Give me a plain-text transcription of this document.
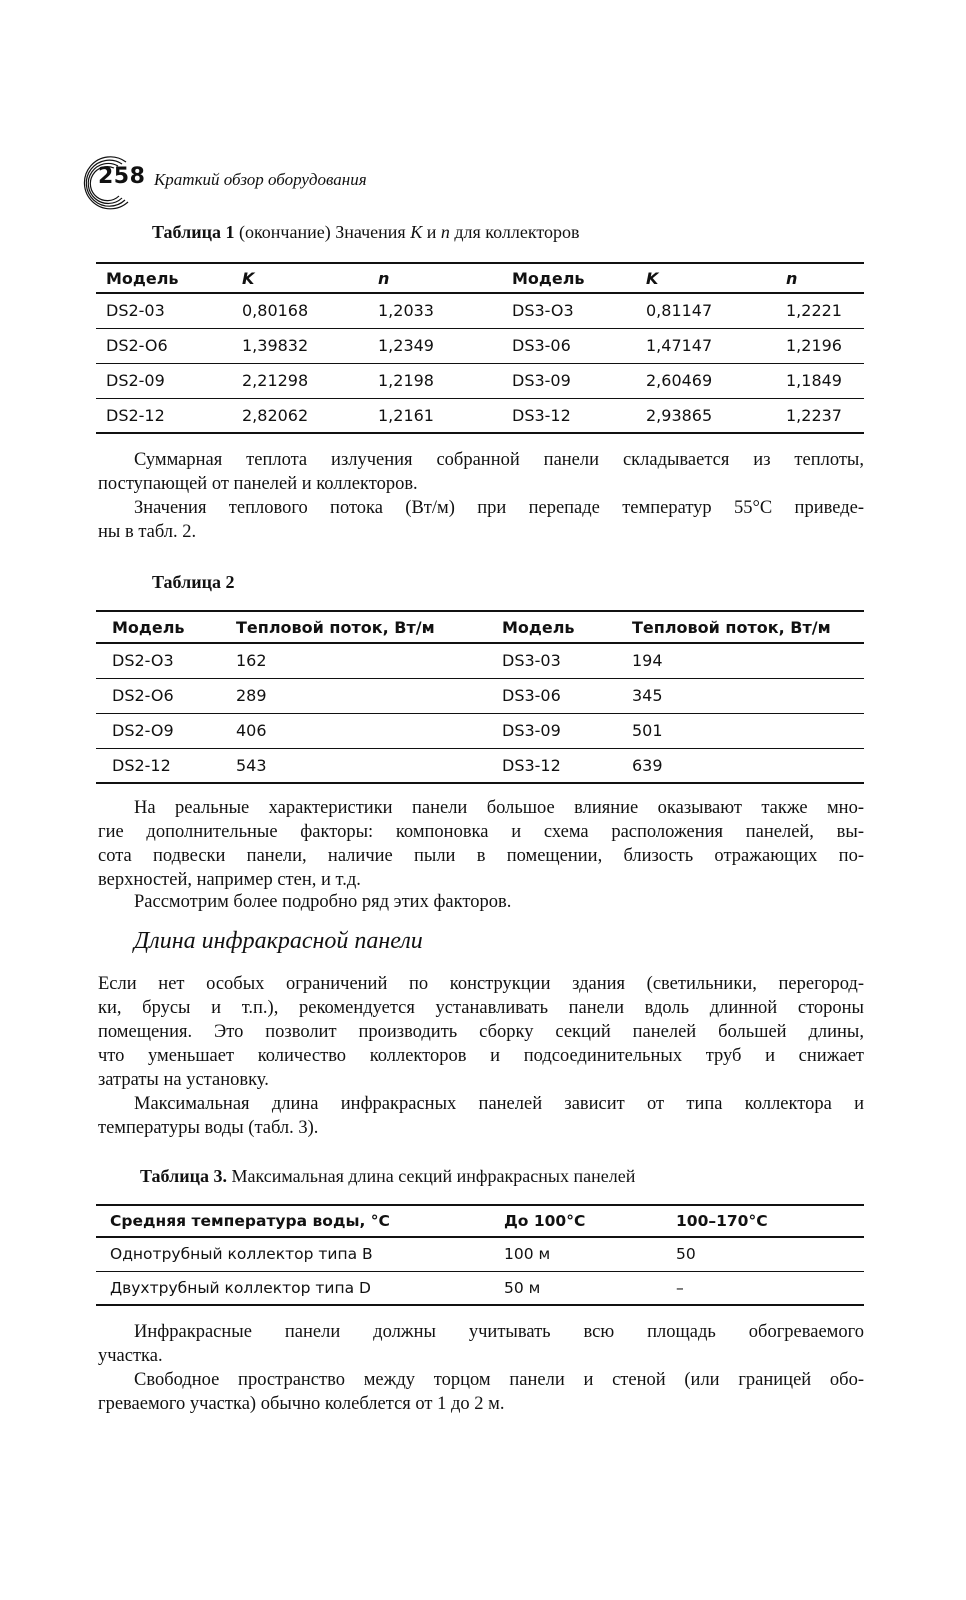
258 Краткий обзор оборудования
Таблица 1 (окончание) Значения K и n для коллекторов
Модель	K	n	Модель	K	n
DS2-03	0,80168	1,2033	DS3-O3	0,81147	1,2221
DS2-O6	1,39832	1,2349	DS3-06	1,47147	1,2196
DS2-09	2,21298	1,2198	DS3-09	2,60469	1,1849
DS2-12	2,82062	1,2161	DS3-12	2,93865	1,2237
Суммарная теплота излучения собранной панели складывается из теплоты,
поступающей от панелей и коллекторов.
Значения теплового потока (Вт/м) при перепаде температур 55°С приведе-
ны в табл. 2.
Таблица 2
Модель	Тепловой поток, Вт/м	Модель	Тепловой поток, Вт/м
DS2-O3	162	DS3-03	194
DS2-O6	289	DS3-06	345
DS2-O9	406	DS3-09	501
DS2-12	543	DS3-12	639
На реальные характеристики панели большое влияние оказывают также мно-
гие дополнительные факторы: компоновка и схема расположения панелей, вы-
сота подвески панели, наличие пыли в помещении, близость отражающих по-
верхностей, например стен, и т.д.
Рассмотрим более подробно ряд этих факторов.
Длина инфракрасной панели
Если нет особых ограничений по конструкции здания (светильники, перегород-
ки, брусы и т.п.), рекомендуется устанавливать панели вдоль длинной стороны
помещения. Это позволит производить сборку секций панелей большей длины,
что уменьшает количество коллекторов и подсоединительных труб и снижает
затраты на установку.
Максимальная длина инфракрасных панелей зависит от типа коллектора и
температуры воды (табл. 3).
Таблица 3. Максимальная длина секций инфракрасных панелей
Средняя температура воды, °С	До 100°С	100–170°С
Однотрубный коллектор типа В	100 м	50
Двухтрубный коллектор типа D	50 м	–
Инфракрасные панели должны учитывать всю площадь обогреваемого
участка.
Свободное пространство между торцом панели и стеной (или границей обо-
греваемого участка) обычно колеблется от 1 до 2 м.
